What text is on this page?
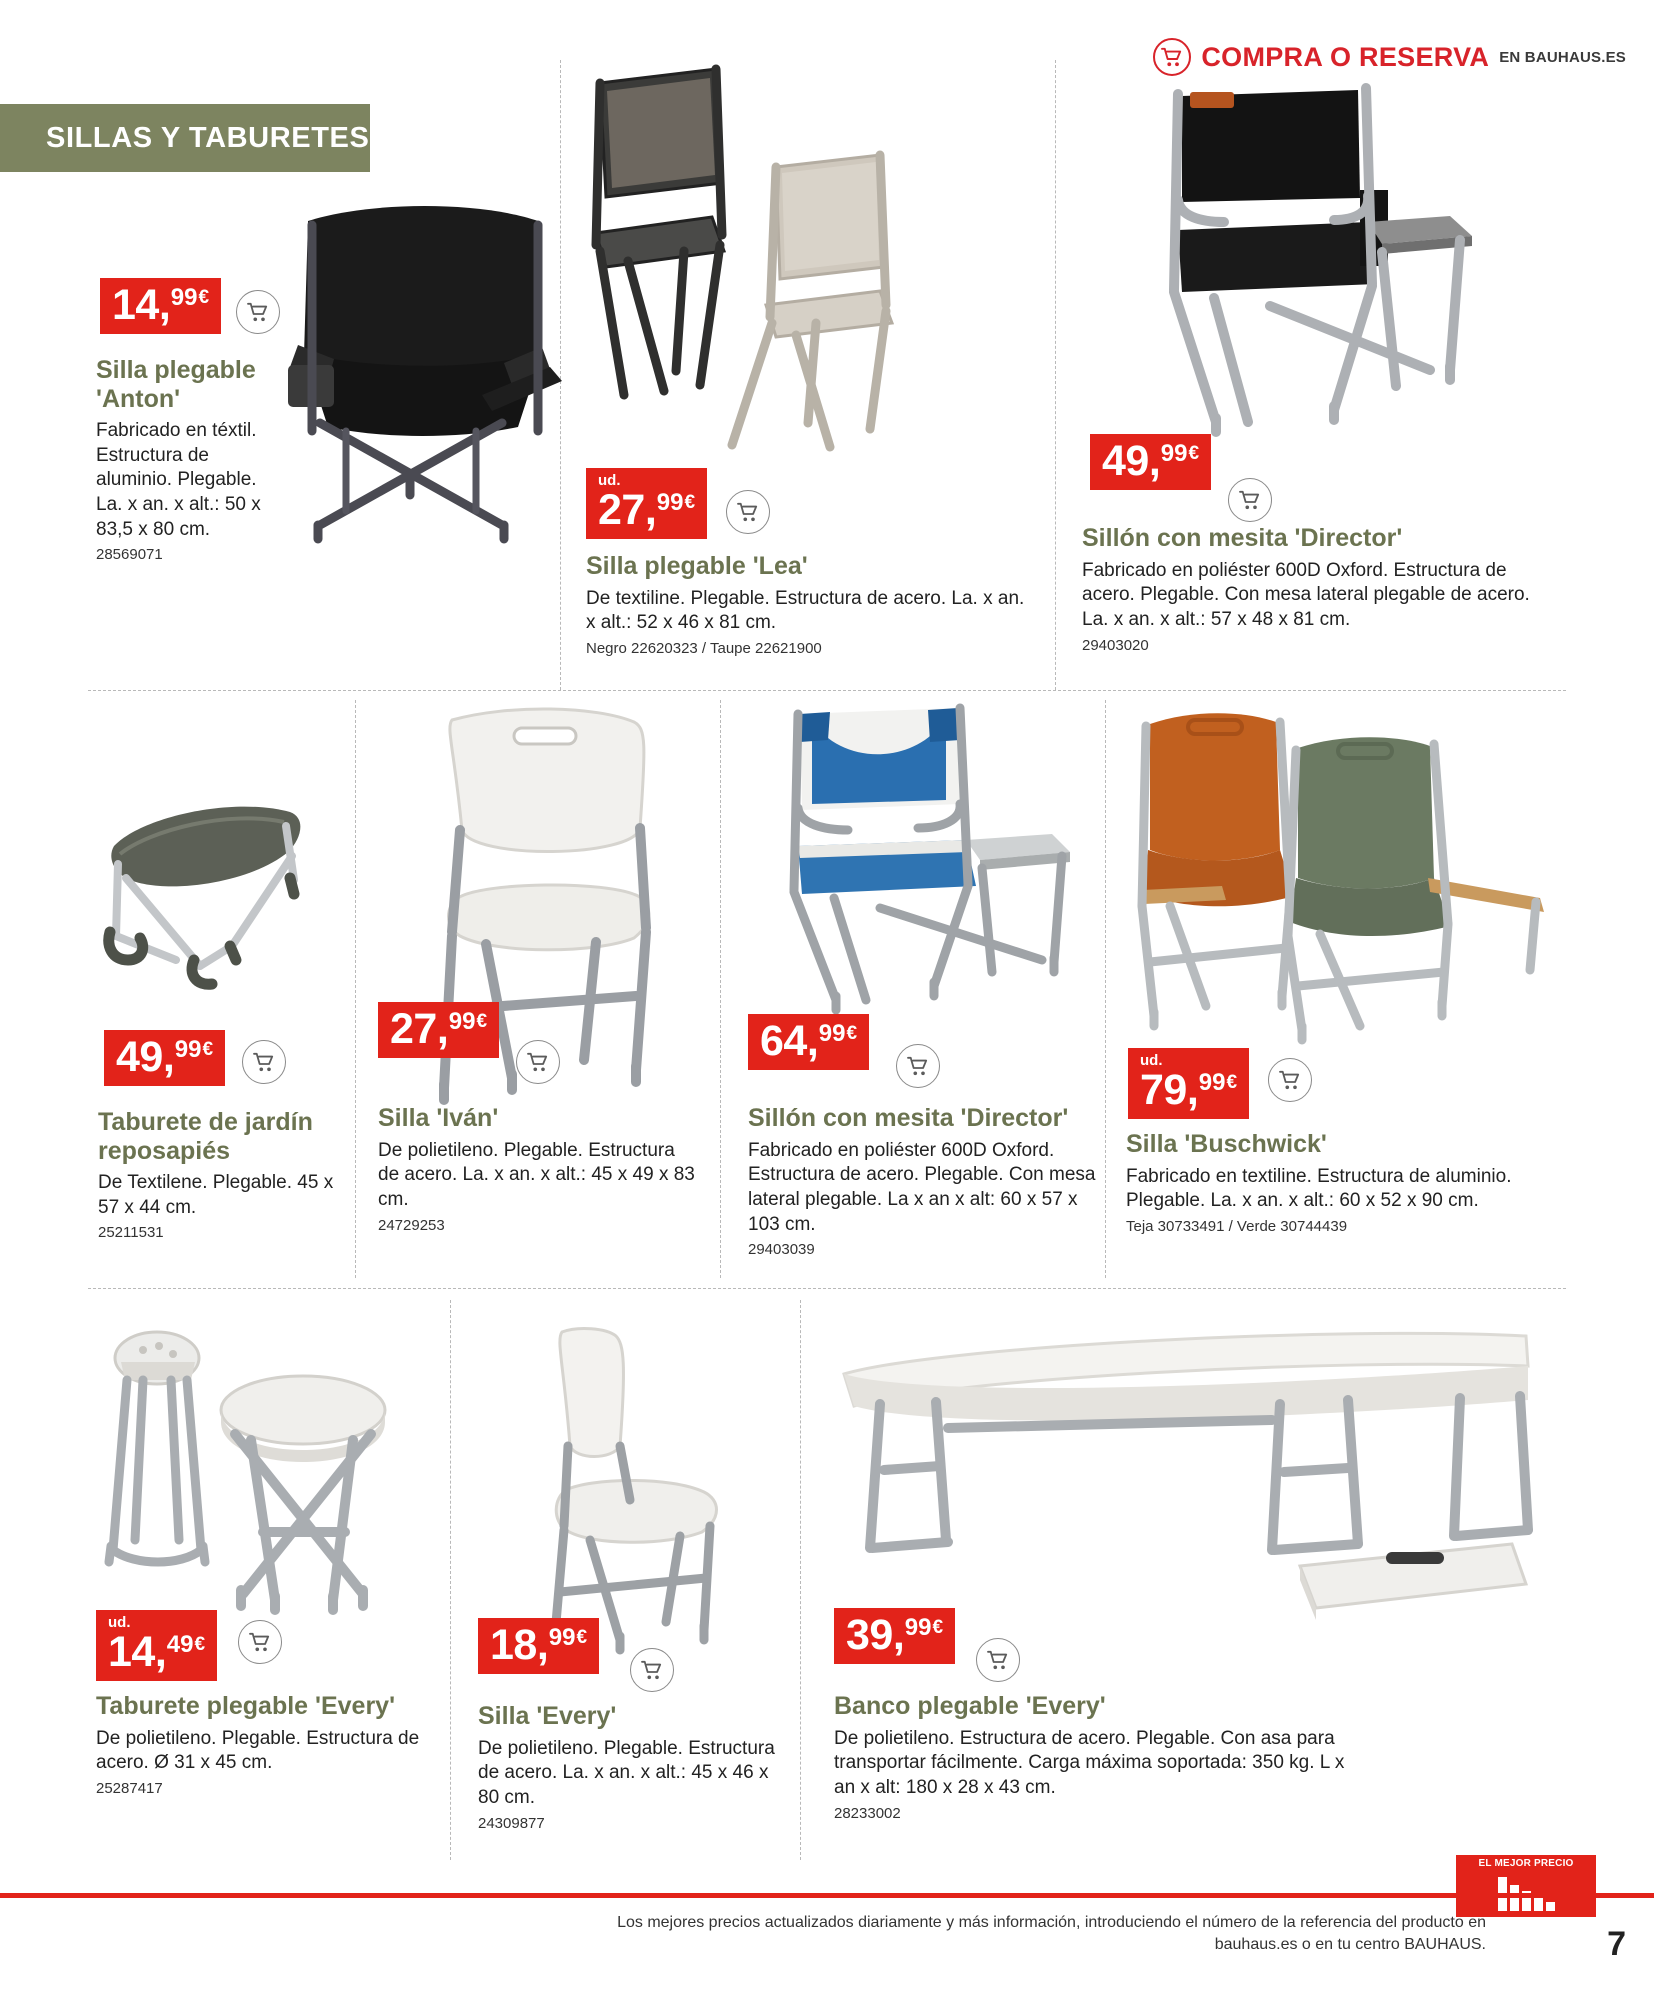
COMPRA O RESERVA EN BAUHAUS.ES
SILLAS Y TABURETES
14 , 99 €
Silla plegable 'Anton'
Fabricado en téxtil. Estructura de aluminio. Plegable. La. x an. x alt.: 50 x 83,5 x 80 cm.
28569071
ud.
27 , 99 €
Silla plegable 'Lea'
De textiline. Plegable. Estructura de acero. La. x an. x alt.: 52 x 46 x 81 cm.
Negro 22620323 / Taupe 22621900
49 , 99 €
Sillón con mesita 'Director'
Fabricado en poliéster 600D Oxford. Estructura de acero. Plegable. Con mesa lateral plegable de acero. La. x an. x alt.: 57 x 48 x 81 cm.
29403020
49 , 99 €
Taburete de jardín reposapiés
De Textilene. Plegable. 45 x 57 x 44 cm.
25211531
27 , 99 €
Silla 'Iván'
De polietileno. Plegable. Estructura de acero. La. x an. x alt.: 45 x 49 x 83 cm.
24729253
64 , 99 €
Sillón con mesita 'Director'
Fabricado en poliéster 600D Oxford. Estructura de acero. Plegable. Con mesa lateral plegable. La x an x alt: 60 x 57 x 103 cm.
29403039
ud.
79 , 99 €
Silla 'Buschwick'
Fabricado en textiline. Estructura de aluminio. Plegable. La. x an. x alt.: 60 x 52 x 90 cm.
Teja 30733491 / Verde 30744439
ud.
14 , 49 €
Taburete plegable 'Every'
De polietileno. Plegable. Estructura de acero. Ø 31 x 45 cm.
25287417
18 , 99 €
Silla 'Every'
De polietileno. Plegable. Estructura de acero. La. x an. x alt.: 45 x 46 x 80 cm.
24309877
39 , 99 €
Banco plegable 'Every'
De polietileno. Estructura de acero. Plegable. Con asa para transportar fácilmente. Carga máxima soportada: 350 kg. L x an x alt: 180 x 28 x 43 cm.
28233002
EL MEJOR PRECIO
Los mejores precios actualizados diariamente y más información, introduciendo el número de la referencia del producto en bauhaus.es o en tu centro BAUHAUS.	7
